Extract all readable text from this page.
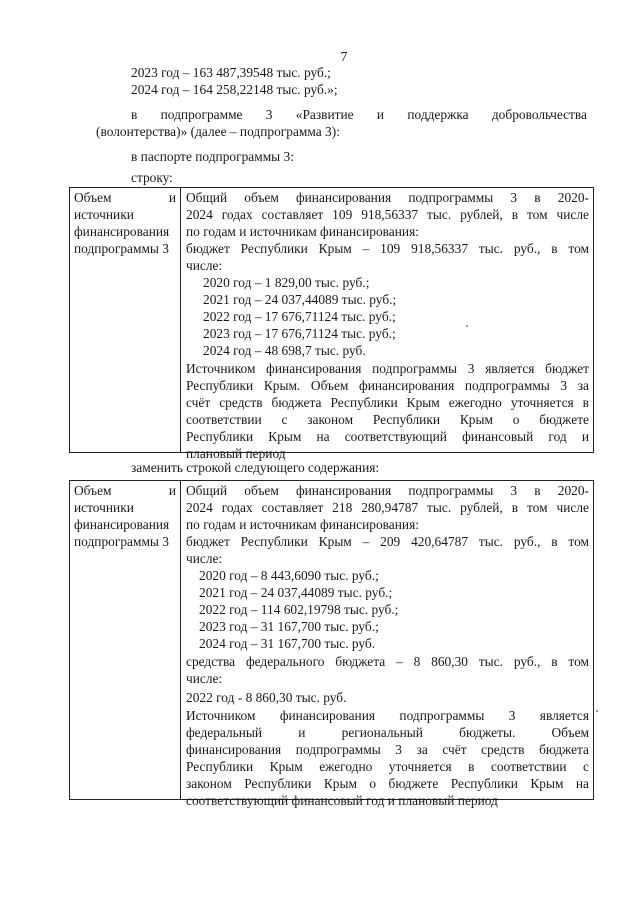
7
2023 год – 163 487,39548 тыс. руб.;
2024 год – 164 258,22148 тыс. руб.»;
в подпрограмме 3 «Развитие и поддержка добровольчества
(волонтерства)» (далее – подпрограмма 3):
в паспорте подпрограммы 3:
строку:
Объем и
источники
финансирования
подпрограммы 3
Общий объем финансирования подпрограммы 3 в 2020-
2024 годах составляет 109 918,56337 тыс. рублей, в том числе
по годам и источникам финансирования:
бюджет Республики Крым – 109 918,56337 тыс. руб., в том
числе:
2020 год – 1 829,00 тыс. руб.;
2021 год – 24 037,44089 тыс. руб.;
2022 год – 17 676,71124 тыс. руб.;
2023 год – 17 676,71124 тыс. руб.;
2024 год – 48 698,7 тыс. руб.
Источником финансирования подпрограммы 3 является бюджет
Республики Крым. Объем финансирования подпрограммы 3 за
счёт средств бюджета Республики Крым ежегодно уточняется в
соответствии с законом Республики Крым о бюджете
Республики Крым на соответствующий финансовый год и
плановый период
заменить строкой следующего содержания:
Объем и
источники
финансирования
подпрограммы 3
Общий объем финансирования подпрограммы 3 в 2020-
2024 годах составляет 218 280,94787 тыс. рублей, в том числе
по годам и источникам финансирования:
бюджет Республики Крым – 209 420,64787 тыс. руб., в том
числе:
2020 год – 8 443,6090 тыс. руб.;
2021 год – 24 037,44089 тыс. руб.;
2022 год – 114 602,19798 тыс. руб.;
2023 год – 31 167,700 тыс. руб.;
2024 год – 31 167,700 тыс. руб.
средства федерального бюджета – 8 860,30 тыс. руб., в том
числе:
2022 год - 8 860,30 тыс. руб.
Источником финансирования подпрограммы 3 является
федеральный и региональный бюджеты. Объем
финансирования подпрограммы 3 за счёт средств бюджета
Республики Крым ежегодно уточняется в соответствии с
законом Республики Крым о бюджете Республики Крым на
соответствующий финансовый год и плановый период
